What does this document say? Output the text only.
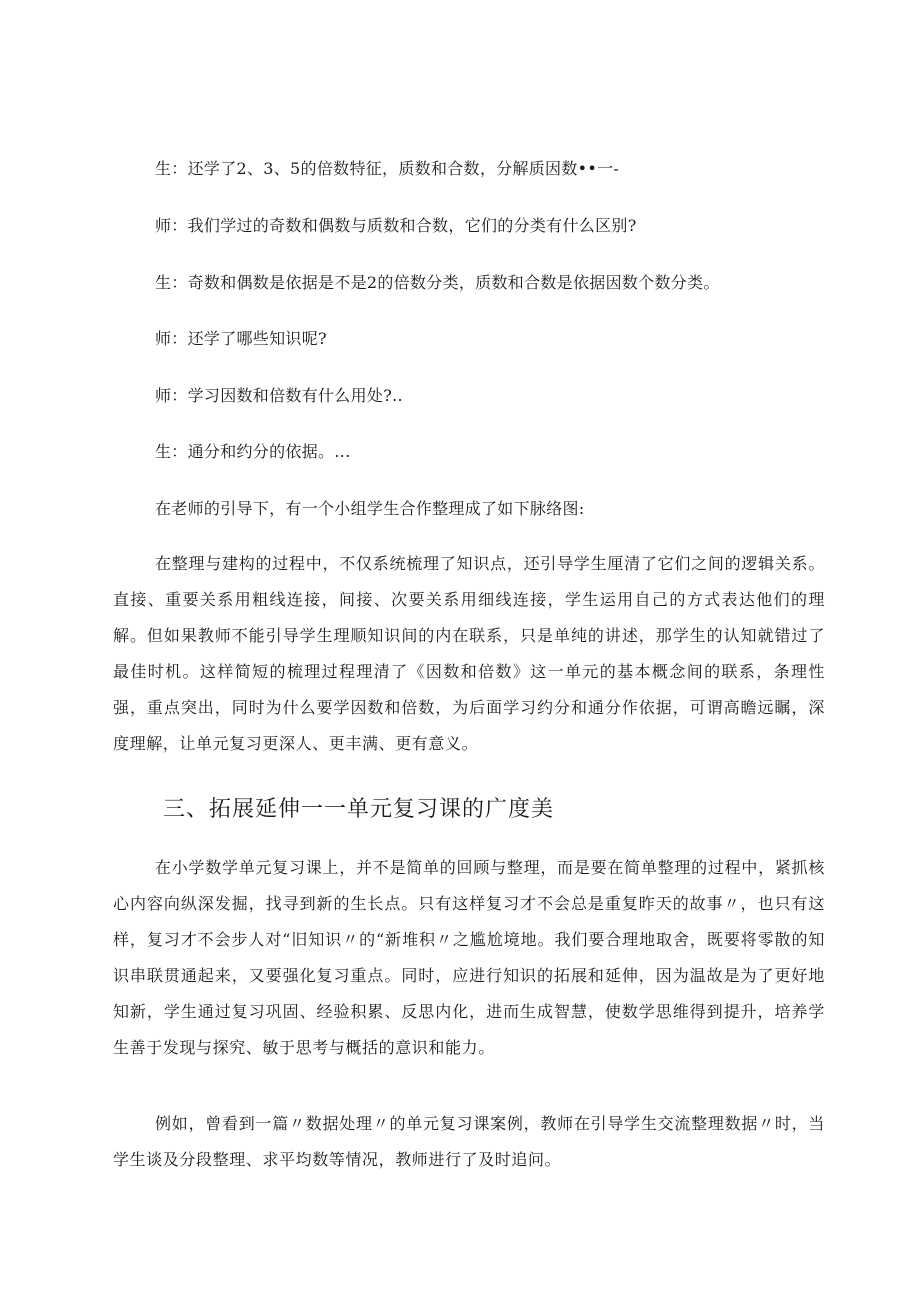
生：还学了2、3、5的倍数特征，质数和合数，分解质因数••一-
师：我们学过的奇数和偶数与质数和合数，它们的分类有什么区别?
生：奇数和偶数是依据是不是2的倍数分类，质数和合数是依据因数个数分类。
师：还学了哪些知识呢?
师：学习因数和倍数有什么用处?..
生：通分和约分的依据。...
在老师的引导下，有一个小组学生合作整理成了如下脉络图:

在整理与建构的过程中，不仅系统梳理了知识点，还引导学生厘清了它们之间的逻辑关系。直接、重要关系用粗线连接，间接、次要关系用细线连接，学生运用自己的方式表达他们的理解。但如果教师不能引导学生理顺知识间的内在联系，只是单纯的讲述，那学生的认知就错过了最佳时机。这样简短的梳理过程理清了《因数和倍数》这一单元的基本概念间的联系，条理性强，重点突出，同时为什么要学因数和倍数，为后面学习约分和通分作依据，可谓高瞻远瞩，深度理解，让单元复习更深人、更丰满、更有意义。

三、拓展延伸一一单元复习课的广度美

在小学数学单元复习课上，并不是简单的回顾与整理，而是要在简单整理的过程中，紧抓核心内容向纵深发掘，找寻到新的生长点。只有这样复习才不会总是重复昨天的故事〃，也只有这样，复习才不会步人对“旧知识〃的“新堆积〃之尴尬境地。我们要合理地取舍，既要将零散的知识串联贯通起来，又要强化复习重点。同时，应进行知识的拓展和延伸，因为温故是为了更好地知新，学生通过复习巩固、经验积累、反思内化，进而生成智慧，使数学思维得到提升，培养学生善于发现与探究、敏于思考与概括的意识和能力。

例如，曾看到一篇〃数据处理〃的单元复习课案例，教师在引导学生交流整理数据〃时，当学生谈及分段整理、求平均数等情况，教师进行了及时追问。
